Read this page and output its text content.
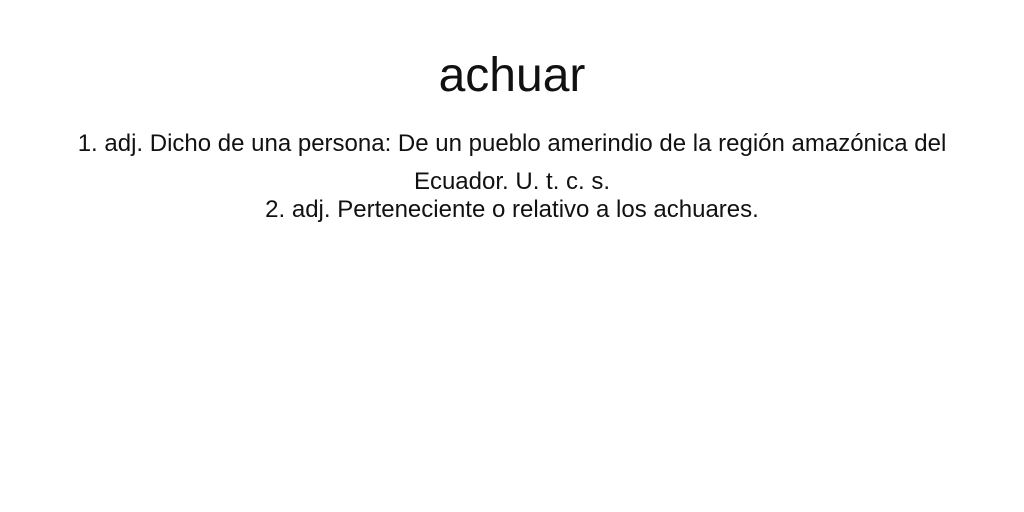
achuar

1. adj. Dicho de una persona: De un pueblo amerindio de la región amazónica del Ecuador. U. t. c. s.

2. adj. Perteneciente o relativo a los achuares.
